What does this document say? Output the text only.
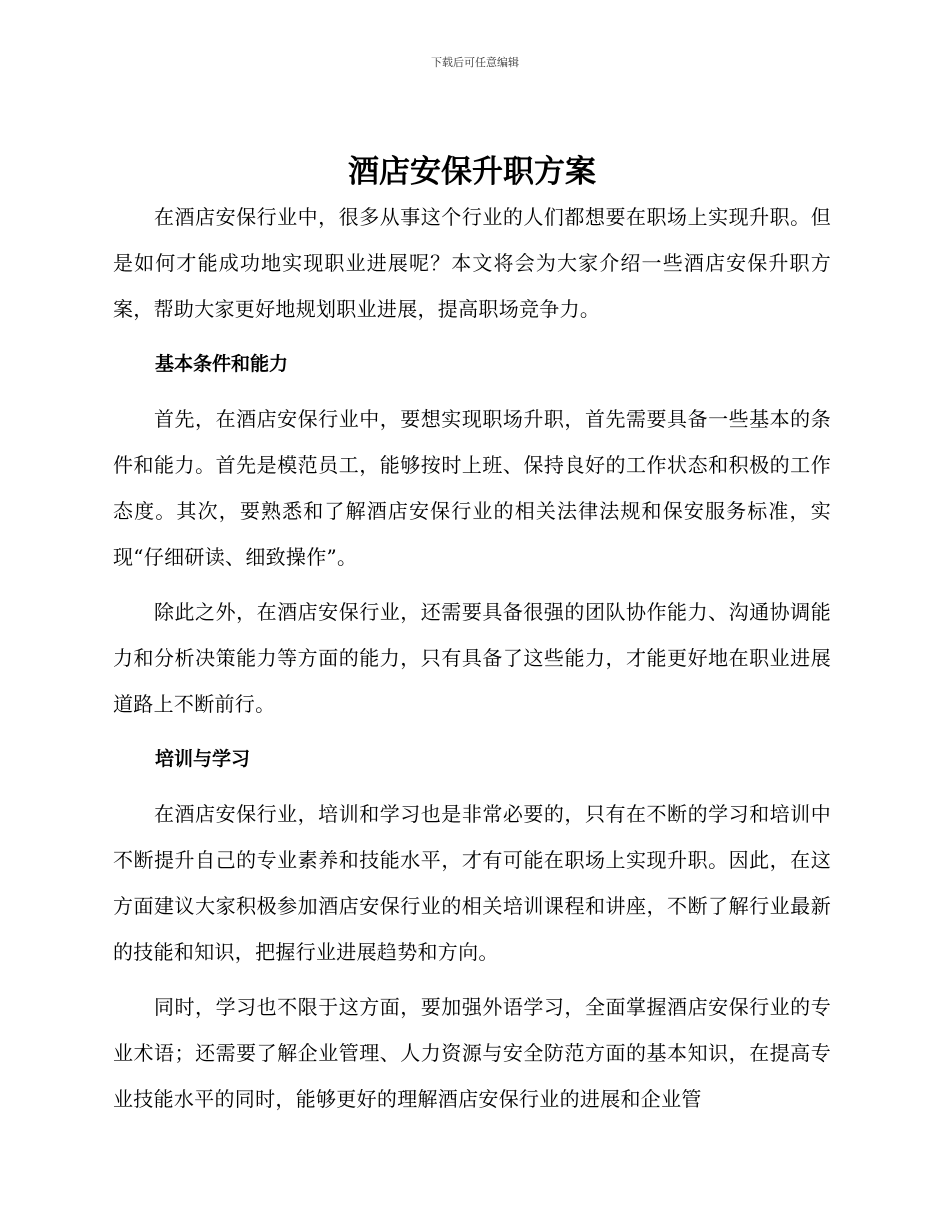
下载后可任意编辑
酒店安保升职方案

在酒店安保行业中，很多从事这个行业的人们都想要在职场上实现升职。但是如何才能成功地实现职业进展呢？本文将会为大家介绍一些酒店安保升职方案，帮助大家更好地规划职业进展，提高职场竞争力。

基本条件和能力

首先，在酒店安保行业中，要想实现职场升职，首先需要具备一些基本的条件和能力。首先是模范员工，能够按时上班、保持良好的工作状态和积极的工作态度。其次，要熟悉和了解酒店安保行业的相关法律法规和保安服务标准，实现“仔细研读、细致操作”。

除此之外，在酒店安保行业，还需要具备很强的团队协作能力、沟通协调能力和分析决策能力等方面的能力，只有具备了这些能力，才能更好地在职业进展道路上不断前行。

培训与学习

在酒店安保行业，培训和学习也是非常必要的，只有在不断的学习和培训中不断提升自己的专业素养和技能水平，才有可能在职场上实现升职。因此，在这方面建议大家积极参加酒店安保行业的相关培训课程和讲座，不断了解行业最新的技能和知识，把握行业进展趋势和方向。

同时，学习也不限于这方面，要加强外语学习，全面掌握酒店安保行业的专业术语；还需要了解企业管理、人力资源与安全防范方面的基本知识，在提高专业技能水平的同时，能够更好的理解酒店安保行业的进展和企业管
